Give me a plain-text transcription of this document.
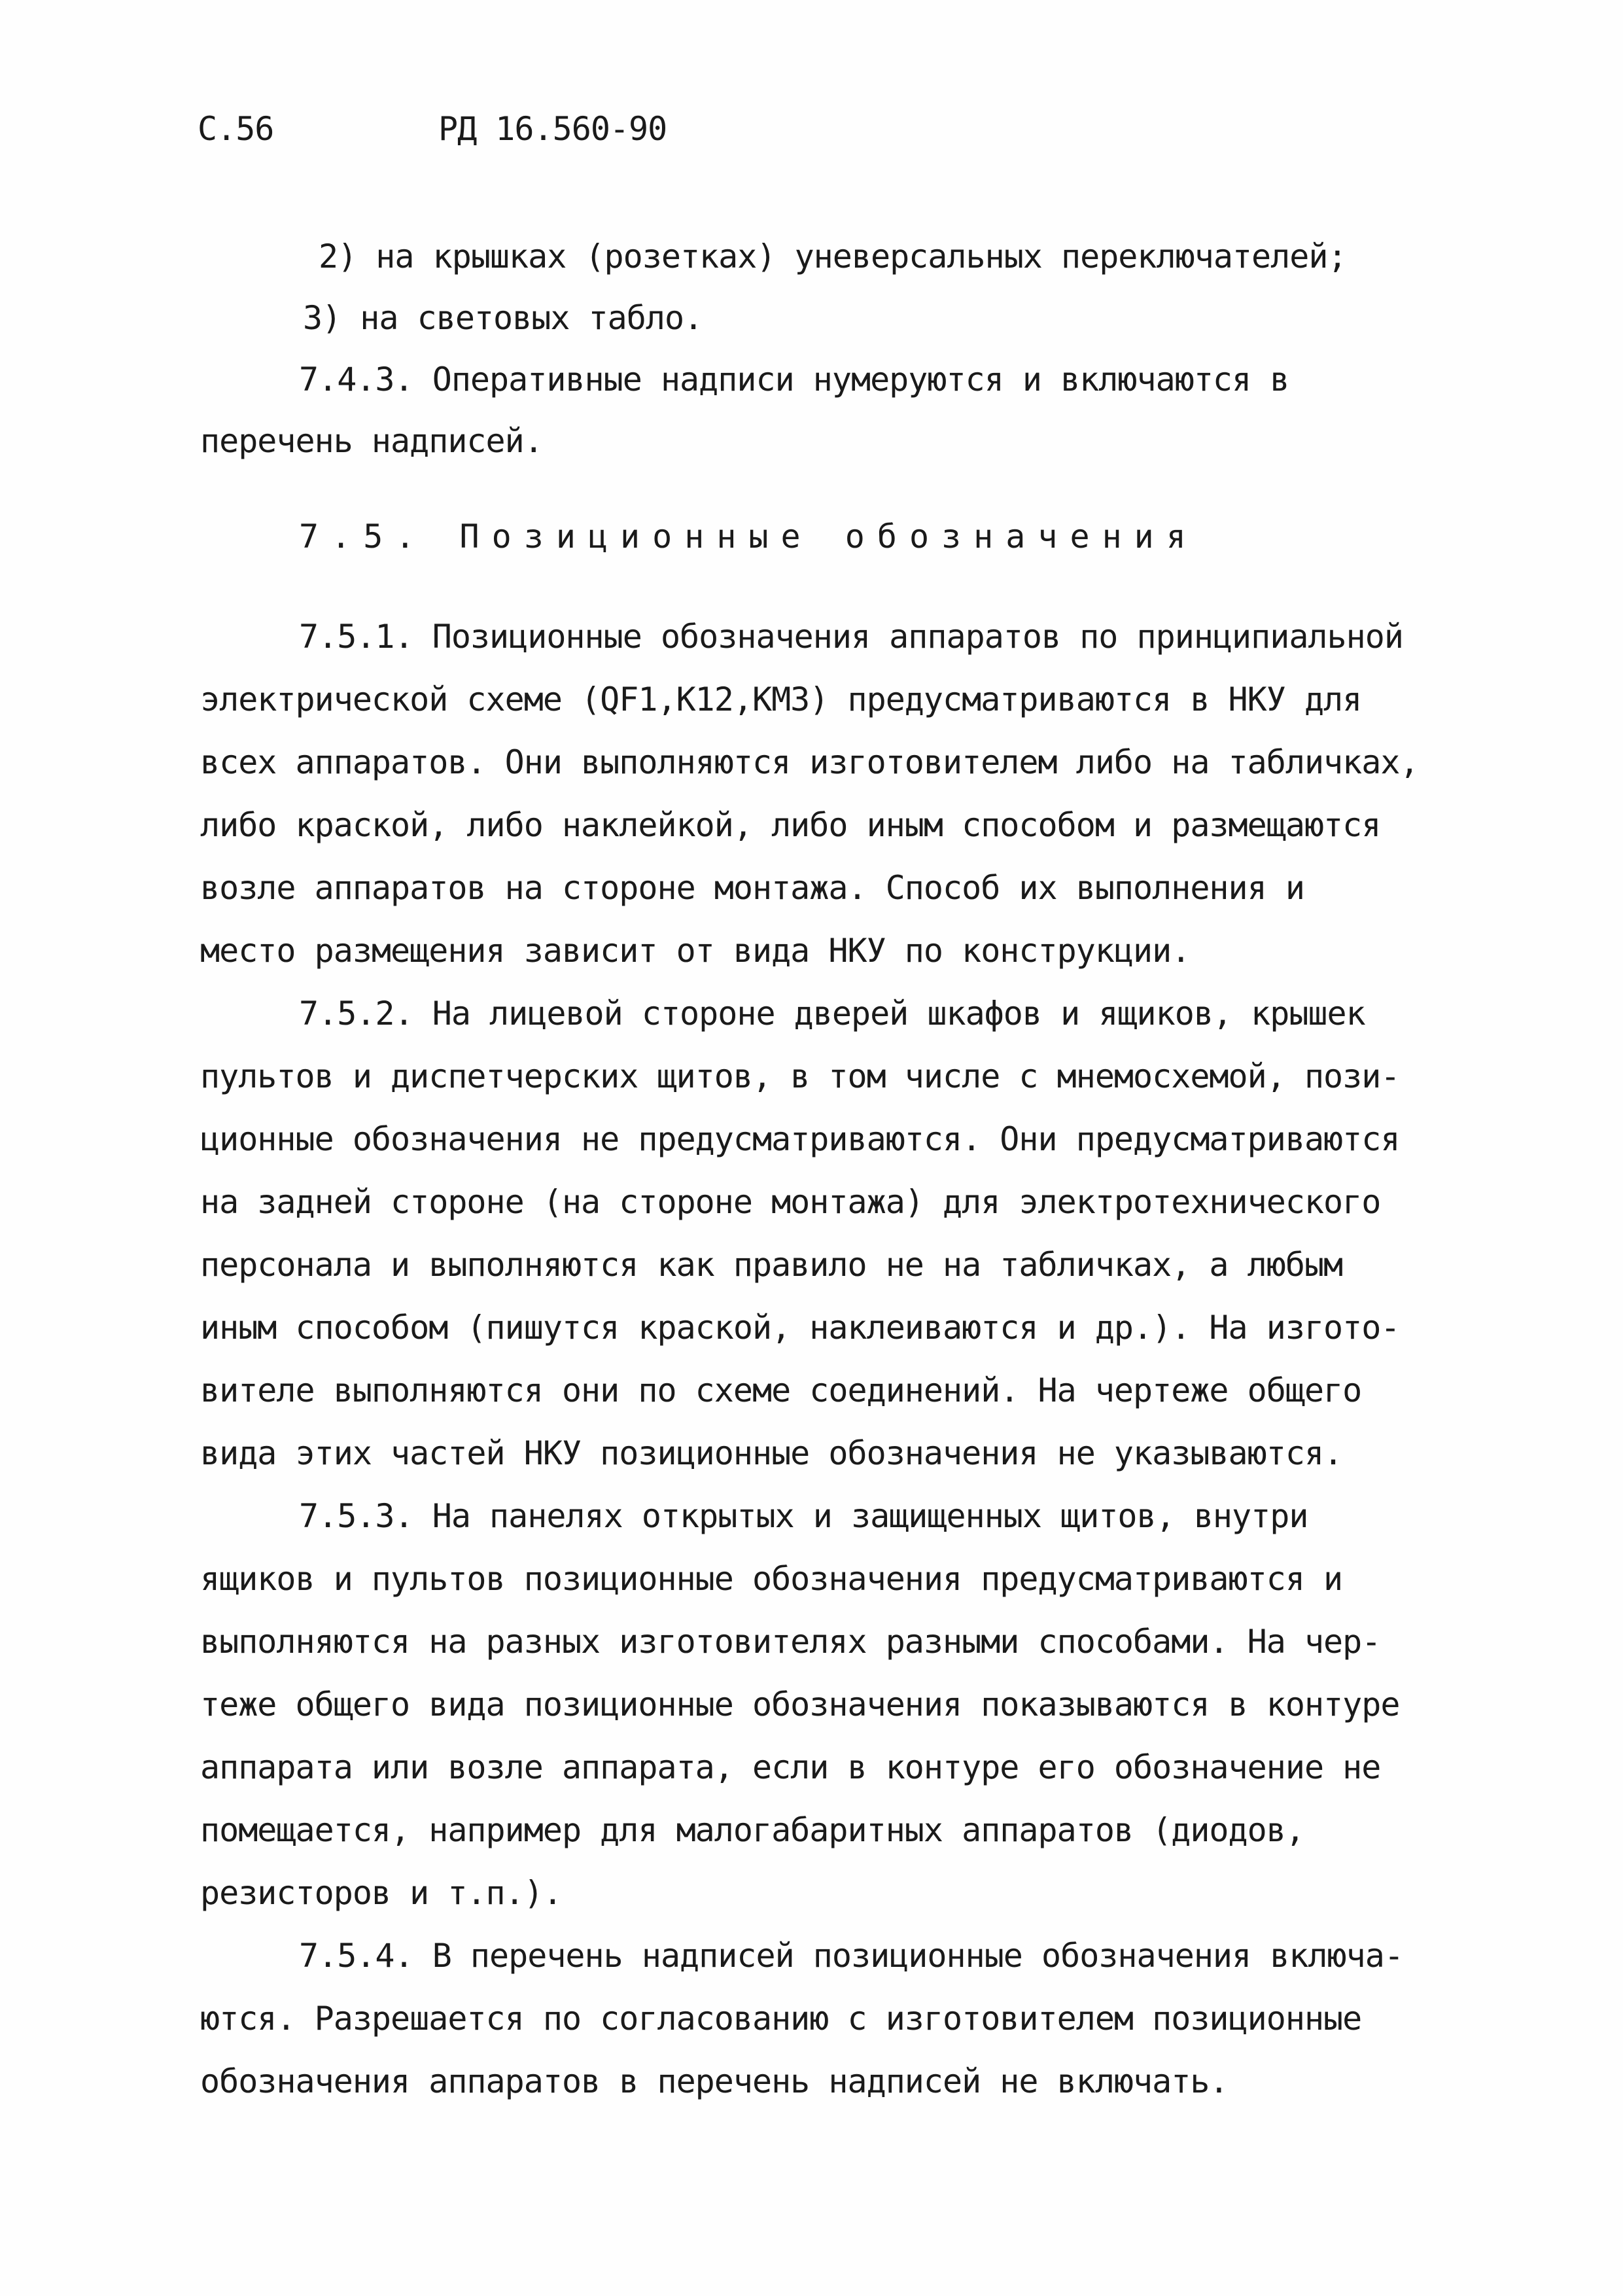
С.56	РД 16.560-90
2) на крышках (розетках) уневерсальных переключателей;
3) на световых табло.
7.4.3. Оперативные надписи нумеруются и включаются в
перечень надписей.
7.5. Позиционные обозначения
7.5.1. Позиционные обозначения аппаратов по принципиальной
электрической схеме (QF1,K12,KM3) предусматриваются в НКУ для
всех аппаратов. Они выполняются изготовителем либо на табличках,
либо краской, либо наклейкой, либо иным способом и размещаются
возле аппаратов на стороне монтажа. Способ их выполнения и
место размещения зависит от вида НКУ по конструкции.
7.5.2. На лицевой стороне дверей шкафов и ящиков, крышек
пультов и диспетчерских щитов, в том числе с мнемосхемой, пози-
ционные обозначения не предусматриваются. Они предусматриваются
на задней стороне (на стороне монтажа) для электротехнического
персонала и выполняются как правило не на табличках, а любым
иным способом (пишутся краской, наклеиваются и др.). На изгото-
вителе выполняются они по схеме соединений. На чертеже общего
вида этих частей НКУ позиционные обозначения не указываются.
7.5.3. На панелях открытых и защищенных щитов, внутри
ящиков и пультов позиционные обозначения предусматриваются и
выполняются на разных изготовителях разными способами. На чер-
теже общего вида позиционные обозначения показываются в контуре
аппарата или возле аппарата, если в контуре его обозначение не
помещается, например для малогабаритных аппаратов (диодов,
резисторов и т.п.).
7.5.4. В перечень надписей позиционные обозначения включа-
ются. Разрешается по согласованию с изготовителем позиционные
обозначения аппаратов в перечень надписей не включать.
